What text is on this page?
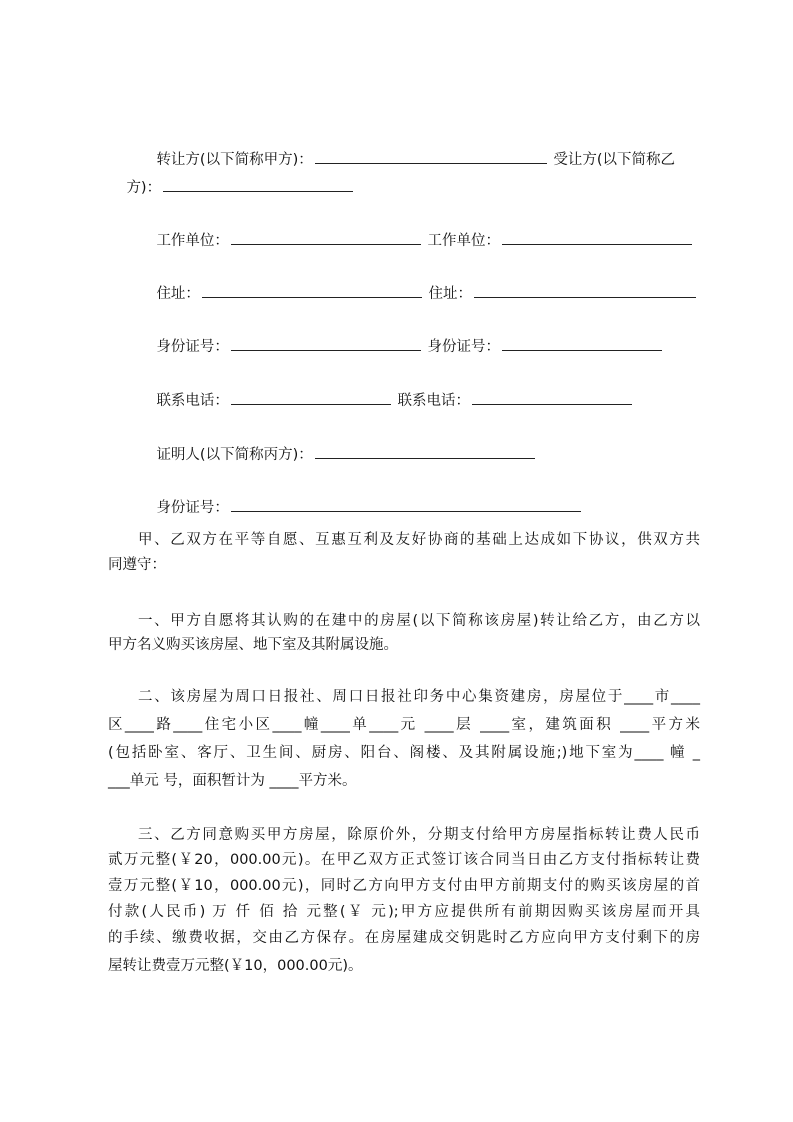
转让方(以下简称甲方)：	受让方(以下简称乙

方)：

工作单位：	工作单位：

住址：	住址：

身份证号：	身份证号：

联系电话：	联系电话：

证明人(以下简称丙方)：

身份证号：

甲、乙双方在平等自愿、互惠互利及友好协商的基础上达成如下协议，供双方共
同遵守：
一、甲方自愿将其认购的在建中的房屋(以下简称该房屋)转让给乙方，由乙方以
甲方名义购买该房屋、地下室及其附属设施。
二、该房屋为周口日报社、周口日报社印务中心集资建房，房屋位于____市____
区____路____住宅小区____幢____单____元 ____层 ____室，建筑面积 ____平方米
(包括卧室、客厅、卫生间、厨房、阳台、阁楼、及其附属设施;)地下室为____ 幢 _
___单元 号，面积暂计为 ____平方米。
三、乙方同意购买甲方房屋，除原价外，分期支付给甲方房屋指标转让费人民币
贰万元整(￥20，000.00元)。在甲乙双方正式签订该合同当日由乙方支付指标转让费
壹万元整(￥10，000.00元)，同时乙方向甲方支付由甲方前期支付的购买该房屋的首
付款(人民币) 万 仟 佰 拾 元整(￥ 元);甲方应提供所有前期因购买该房屋而开具
的手续、缴费收据，交由乙方保存。在房屋建成交钥匙时乙方应向甲方支付剩下的房
屋转让费壹万元整(￥10，000.00元)。
